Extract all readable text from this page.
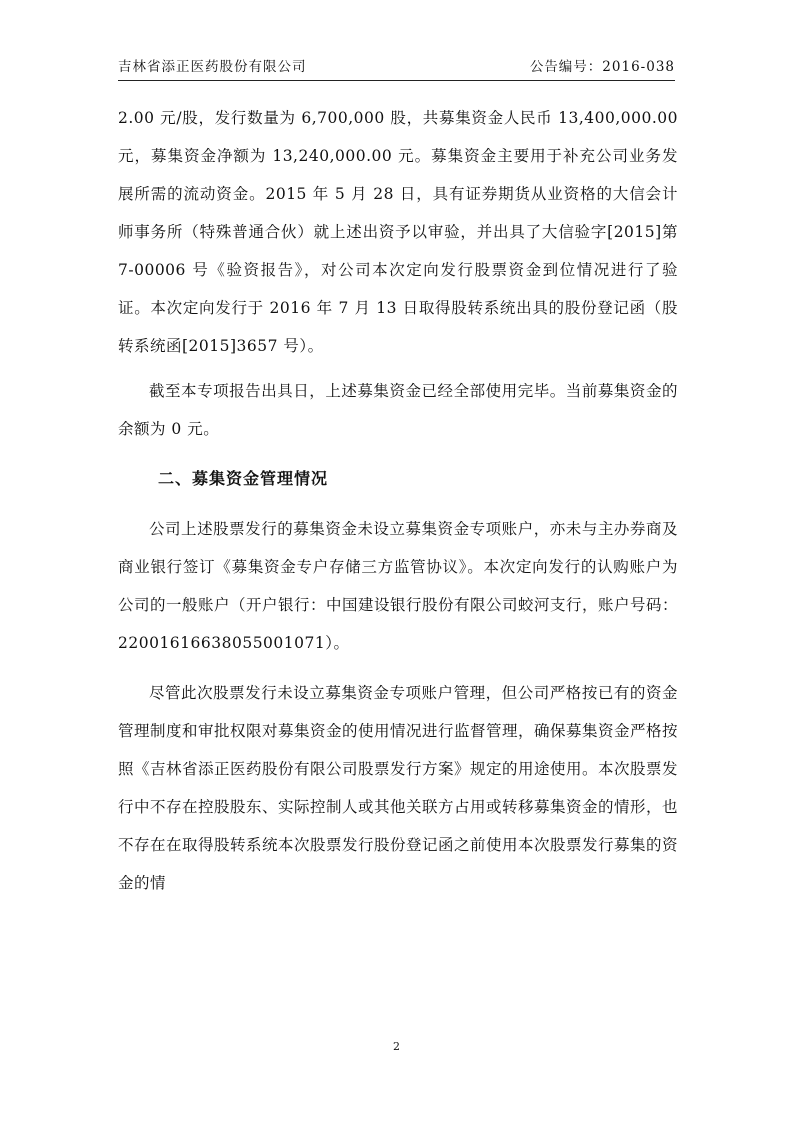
吉林省添正医药股份有限公司	公告编号：2016-038

2.00 元/股，发行数量为 6,700,000 股，共募集资金人民币 13,400,000.00元，募集资金净额为 13,240,000.00 元。募集资金主要用于补充公司业务发展所需的流动资金。2015 年 5 月 28 日，具有证券期货从业资格的大信会计师事务所（特殊普通合伙）就上述出资予以审验，并出具了大信验字[2015]第 7-00006 号《验资报告》，对公司本次定向发行股票资金到位情况进行了验证。本次定向发行于 2016 年 7 月 13 日取得股转系统出具的股份登记函（股转系统函[2015]3657 号）。

截至本专项报告出具日，上述募集资金已经全部使用完毕。当前募集资金的余额为 0 元。

二、募集资金管理情况

公司上述股票发行的募集资金未设立募集资金专项账户，亦未与主办券商及商业银行签订《募集资金专户存储三方监管协议》。本次定向发行的认购账户为公司的一般账户（开户银行：中国建设银行股份有限公司蛟河支行，账户号码：22001616638055001071）。

尽管此次股票发行未设立募集资金专项账户管理，但公司严格按已有的资金管理制度和审批权限对募集资金的使用情况进行监督管理，确保募集资金严格按照《吉林省添正医药股份有限公司股票发行方案》规定的用途使用。本次股票发行中不存在控股股东、实际控制人或其他关联方占用或转移募集资金的情形，也不存在在取得股转系统本次股票发行股份登记函之前使用本次股票发行募集的资金的情

2
